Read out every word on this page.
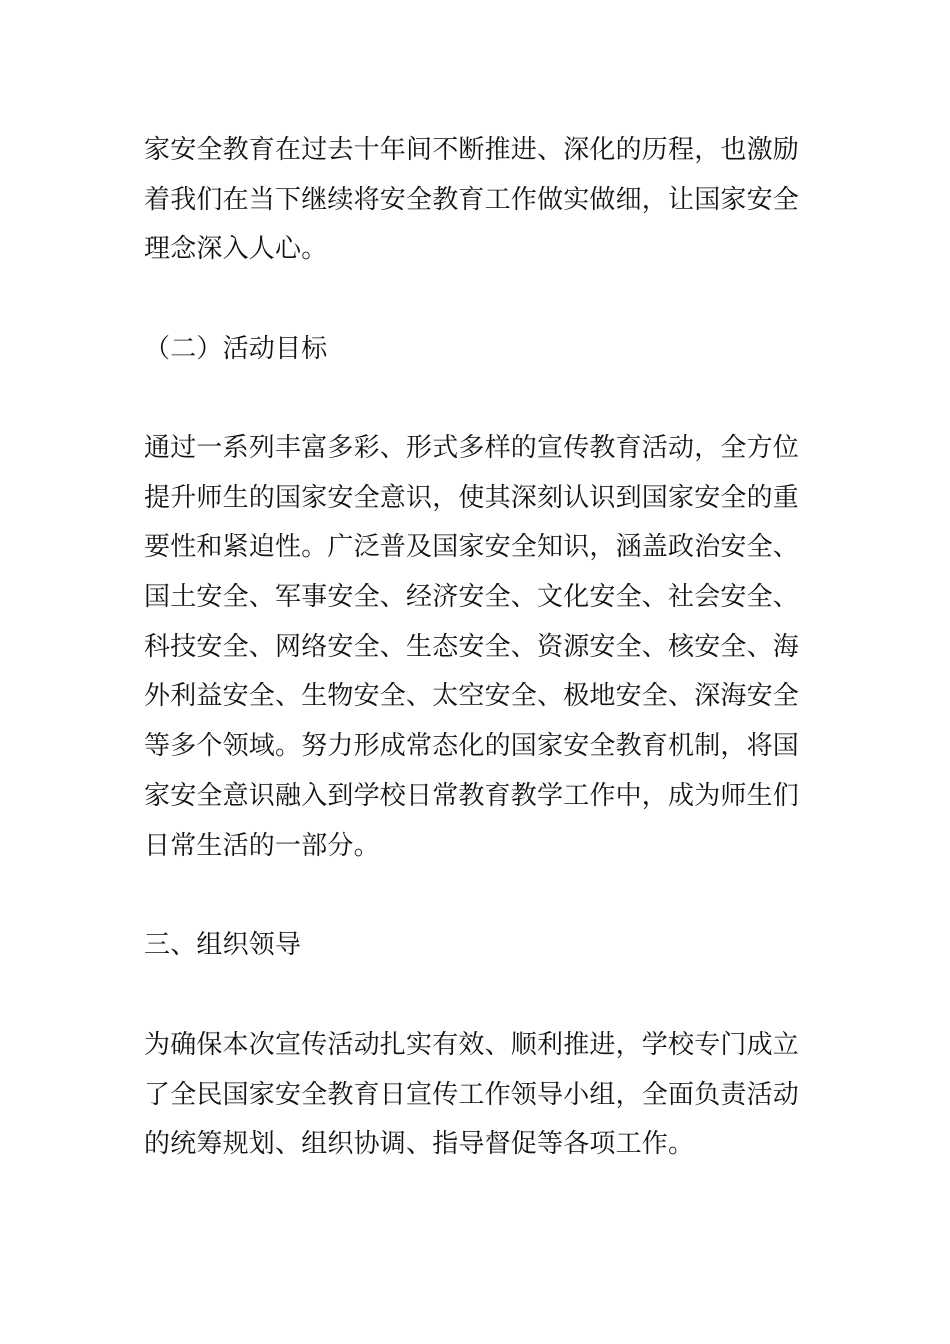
家安全教育在过去十年间不断推进、深化的历程，也激励
着我们在当下继续将安全教育工作做实做细，让国家安全
理念深入人心。
（二）活动目标
通过一系列丰富多彩、形式多样的宣传教育活动，全方位
提升师生的国家安全意识，使其深刻认识到国家安全的重
要性和紧迫性。广泛普及国家安全知识，涵盖政治安全、
国土安全、军事安全、经济安全、文化安全、社会安全、
科技安全、网络安全、生态安全、资源安全、核安全、海
外利益安全、生物安全、太空安全、极地安全、深海安全
等多个领域。努力形成常态化的国家安全教育机制，将国
家安全意识融入到学校日常教育教学工作中，成为师生们
日常生活的一部分。
三、组织领导
为确保本次宣传活动扎实有效、顺利推进，学校专门成立
了全民国家安全教育日宣传工作领导小组，全面负责活动
的统筹规划、组织协调、指导督促等各项工作。
